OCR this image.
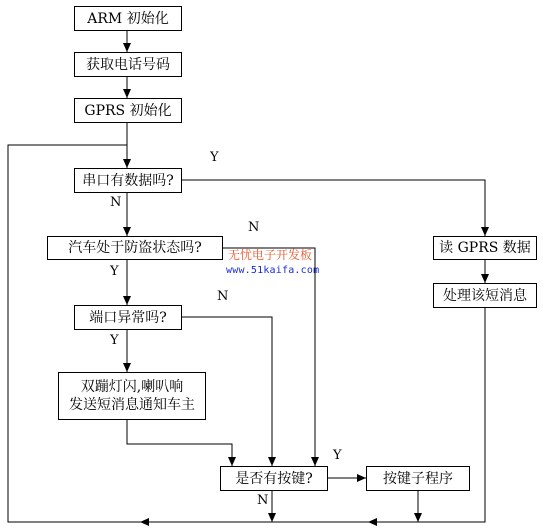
ARM 初始化
获取电话号码
GPRS 初始化
串口有数据吗?
汽车处于防盗状态吗?
端口异常吗?
双蹦灯闪,喇叭响
发送短消息通知车主
是否有按键?	按键子程序
读 GPRS 数据
处理该短消息
Y
N
N
Y
N
Y
Y
N
无忧电子开发板
www.51kaifa.com
